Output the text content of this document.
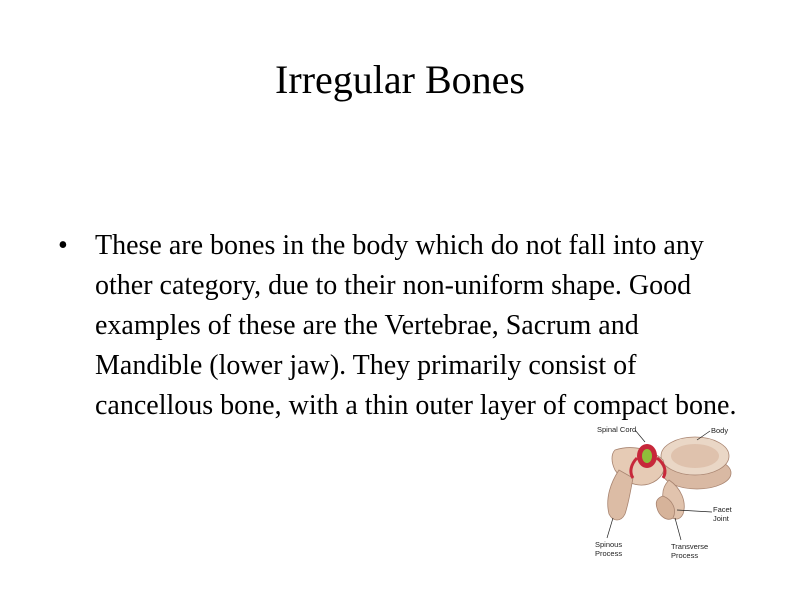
Irregular Bones
• These are bones in the body which do not fall into any other category, due to their non-uniform shape. Good examples of these are the Vertebrae, Sacrum and Mandible (lower jaw). They primarily consist of cancellous bone, with a thin outer layer of compact bone.
Spinal Cord	Body
Facet
Joint
Spinous
Process
Transverse
Process
